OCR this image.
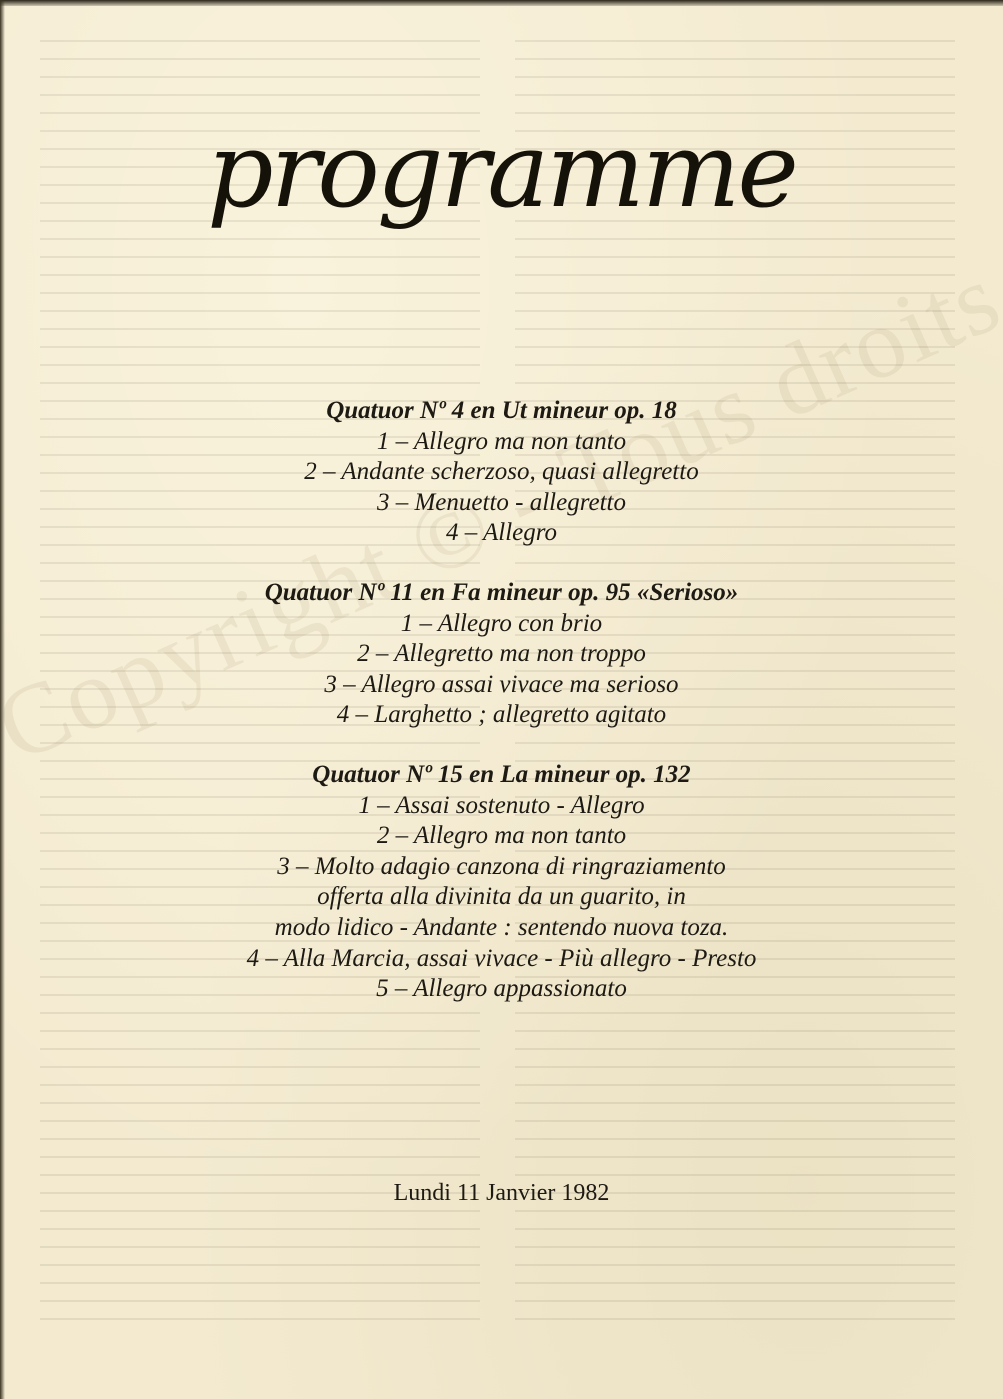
programme
Quatuor Nº 4 en Ut mineur op. 18
1 – Allegro ma non tanto
2 – Andante scherzoso, quasi allegretto
3 – Menuetto - allegretto
4 – Allegro
Quatuor Nº 11 en Fa mineur op. 95 «Serioso»
1 – Allegro con brio
2 – Allegretto ma non troppo
3 – Allegro assai vivace ma serioso
4 – Larghetto ; allegretto agitato
Quatuor Nº 15 en La mineur op. 132
1 – Assai sostenuto - Allegro
2 – Allegro ma non tanto
3 – Molto adagio canzona di ringraziamento
offerta alla divinita da un guarito, in
modo lidico - Andante : sentendo nuova toza.
4 – Alla Marcia, assai vivace - Più allegro - Presto
5 – Allegro appassionato
Lundi 11 Janvier 1982
